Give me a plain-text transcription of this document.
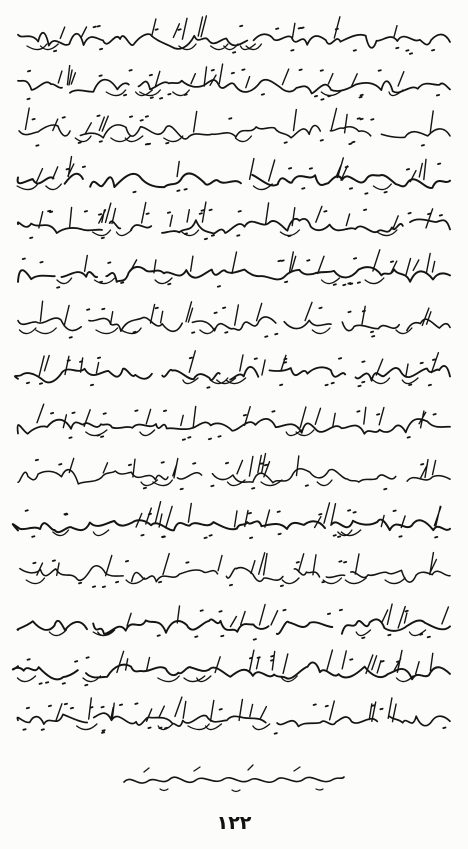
۱۲۲
